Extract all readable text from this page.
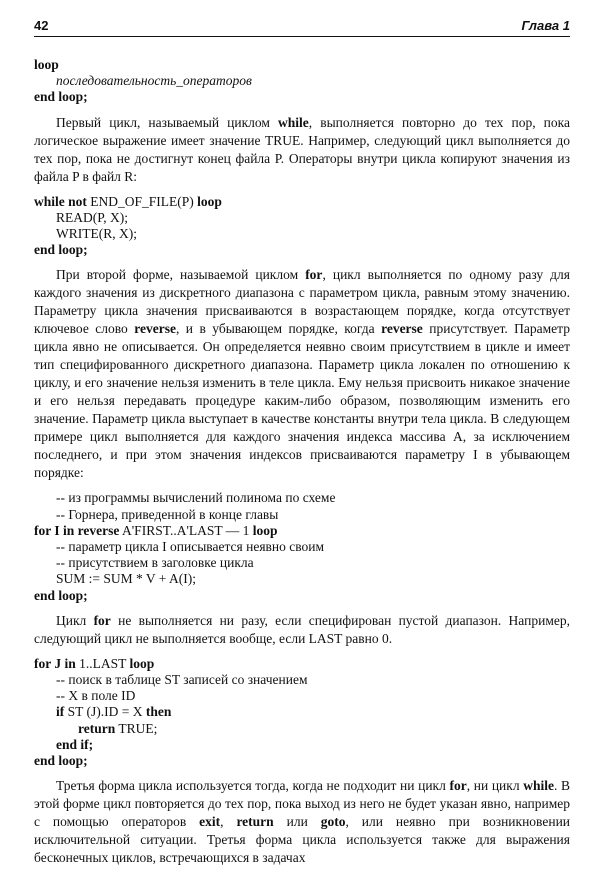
42	Глава 1
loop
последовательность_операторов
end loop;

Первый цикл, называемый циклом while, выполняется повторно до тех пор, пока логическое выражение имеет значение TRUE. Например, следующий цикл выполняется до тех пор, пока не достигнут конец файла P. Операторы внутри цикла копируют значения из файла P в файл R:

while not END_OF_FILE(P) loop
READ(P, X);
WRITE(R, X);
end loop;

При второй форме, называемой циклом for, цикл выполняется по одному разу для каждого значения из дискретного диапазона с параметром цикла, равным этому значению. Параметру цикла значения присваиваются в возрастающем порядке, когда отсутствует ключевое слово reverse, и в убывающем порядке, когда reverse присутствует. Параметр цикла явно не описывается. Он определяется неявно своим присутствием в цикле и имеет тип специфированного дискретного диапазона. Параметр цикла локален по отношению к циклу, и его значение нельзя изменить в теле цикла. Ему нельзя присвоить никакое значение и его нельзя передавать процедуре каким-либо образом, позволяющим изменить его значение. Параметр цикла выступает в качестве константы внутри тела цикла. В следующем примере цикл выполняется для каждого значения индекса массива A, за исключением последнего, и при этом значения индексов присваиваются параметру I в убывающем порядке:

-- из программы вычислений полинома по схеме
-- Горнера, приведенной в конце главы
for I in reverse A'FIRST..A'LAST — 1 loop
-- параметр цикла I описывается неявно своим
-- присутствием в заголовке цикла
SUM := SUM * V + A(I);
end loop;

Цикл for не выполняется ни разу, если специфирован пустой диапазон. Например, следующий цикл не выполняется вообще, если LAST равно 0.

for J in 1..LAST loop
-- поиск в таблице ST записей со значением
-- X в поле ID
if ST (J).ID = X then
return TRUE;
end if;
end loop;

Третья форма цикла используется тогда, когда не подходит ни цикл for, ни цикл while. В этой форме цикл повторяется до тех пор, пока выход из него не будет указан явно, например с помощью операторов exit, return или goto, или неявно при возникновении исключительной ситуации. Третья форма цикла используется также для выражения бесконечных циклов, встречающихся в задачах
